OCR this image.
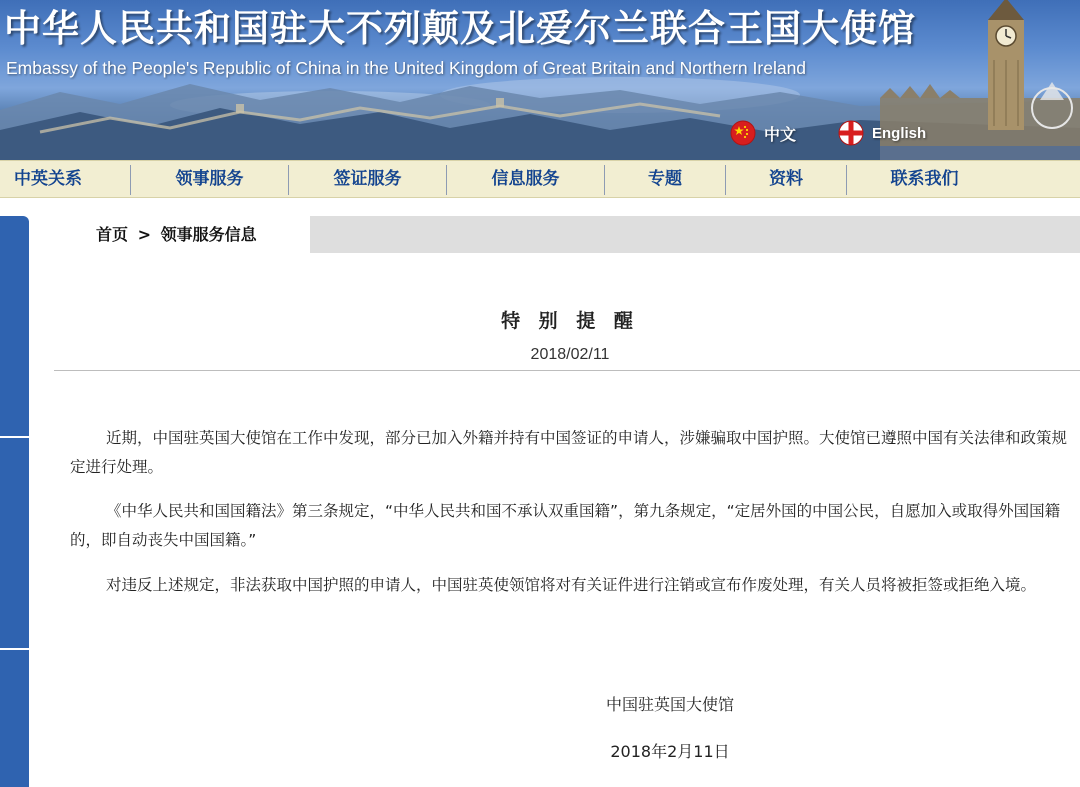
中华人民共和国驻大不列颠及北爱尔兰联合王国大使馆
Embassy of the People's Republic of China in the United Kingdom of Great Britain and Northern Ireland
中文	English
中英关系	领事服务	签证服务	信息服务	专题	资料	联系我们
首页 > 领事服务信息
特 别 提 醒
2018/02/11

近期，中国驻英国大使馆在工作中发现，部分已加入外籍并持有中国签证的申请人，涉嫌骗取中国护照。大使馆已遵照中国有关法律和政策规定进行处理。

《中华人民共和国国籍法》第三条规定，“中华人民共和国不承认双重国籍”，第九条规定，“定居外国的中国公民，自愿加入或取得外国国籍的，即自动丧失中国国籍。”

对违反上述规定，非法获取中国护照的申请人，中国驻英使领馆将对有关证件进行注销或宣布作废处理，有关人员将被拒签或拒绝入境。

中国驻英国大使馆
2018年2月11日
